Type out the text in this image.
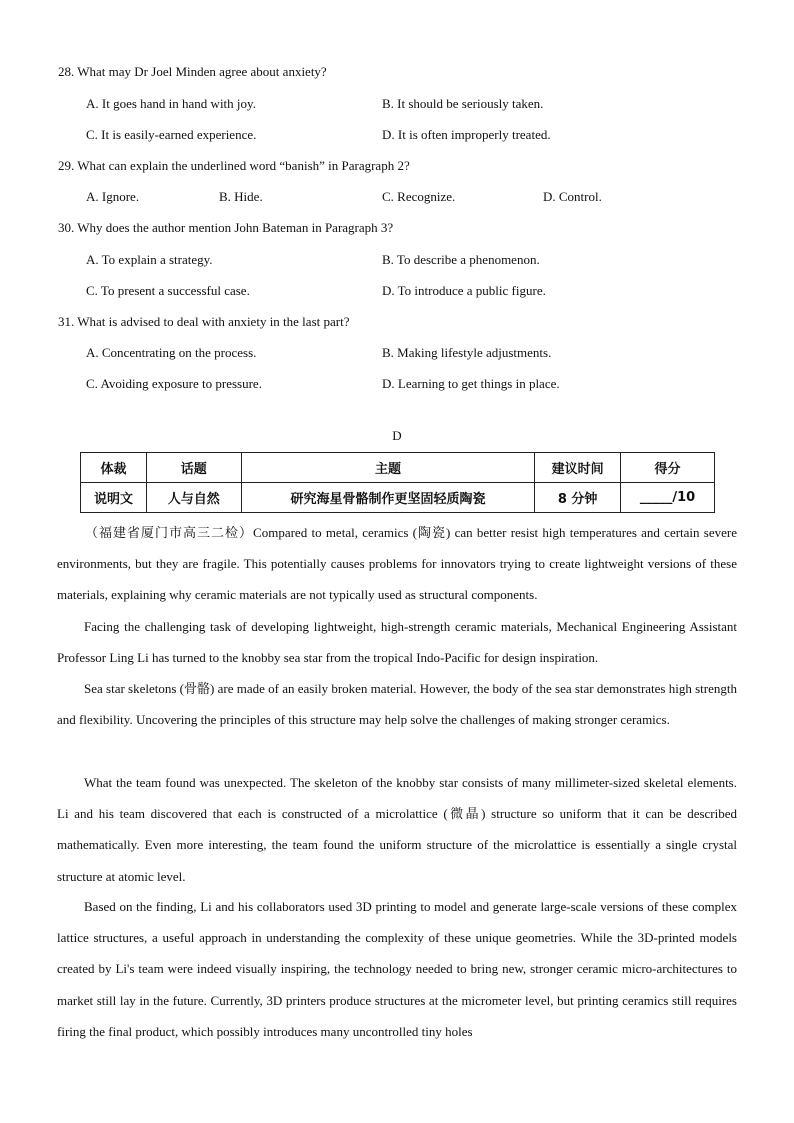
28. What may Dr Joel Minden agree about anxiety?
A. It goes hand in hand with joy.	B. It should be seriously taken.
C. It is easily-earned experience.	D. It is often improperly treated.
29. What can explain the underlined word “banish” in Paragraph 2?
A. Ignore.	B. Hide.	C. Recognize.	D. Control.
30. Why does the author mention John Bateman in Paragraph 3?
A. To explain a strategy.	B. To describe a phenomenon.
C. To present a successful case.	D. To introduce a public figure.
31. What is advised to deal with anxiety in the last part?
A. Concentrating on the process.	B. Making lifestyle adjustments.
C. Avoiding exposure to pressure.	D. Learning to get things in place.
D
体裁	话题	主题	建议时间	得分
说明文	人与自然	研究海星骨骼制作更坚固轻质陶瓷	8 分钟	_____/10

（福建省厦门市高三二检）Compared to metal, ceramics (陶瓷) can better resist high temperatures and certain severe environments, but they are fragile. This potentially causes problems for innovators trying to create lightweight versions of these materials, explaining why ceramic materials are not typically used as structural components.

Facing the challenging task of developing lightweight, high-strength ceramic materials, Mechanical Engineering Assistant Professor Ling Li has turned to the knobby sea star from the tropical Indo-Pacific for design inspiration.

Sea star skeletons (骨骼) are made of an easily broken material. However, the body of the sea star demonstrates high strength and flexibility. Uncovering the principles of this structure may help solve the challenges of making stronger ceramics.

What the team found was unexpected. The skeleton of the knobby star consists of many millimeter-sized skeletal elements. Li and his team discovered that each is constructed of a microlattice (微晶) structure so uniform that it can be described mathematically. Even more interesting, the team found the uniform structure of the microlattice is essentially a single crystal structure at atomic level.

Based on the finding, Li and his collaborators used 3D printing to model and generate large-scale versions of these complex lattice structures, a useful approach in understanding the complexity of these unique geometries. While the 3D-printed models created by Li's team were indeed visually inspiring, the technology needed to bring new, stronger ceramic micro-architectures to market still lay in the future. Currently, 3D printers produce structures at the micrometer level, but printing ceramics still requires firing the final product, which possibly introduces many uncontrolled tiny holes
